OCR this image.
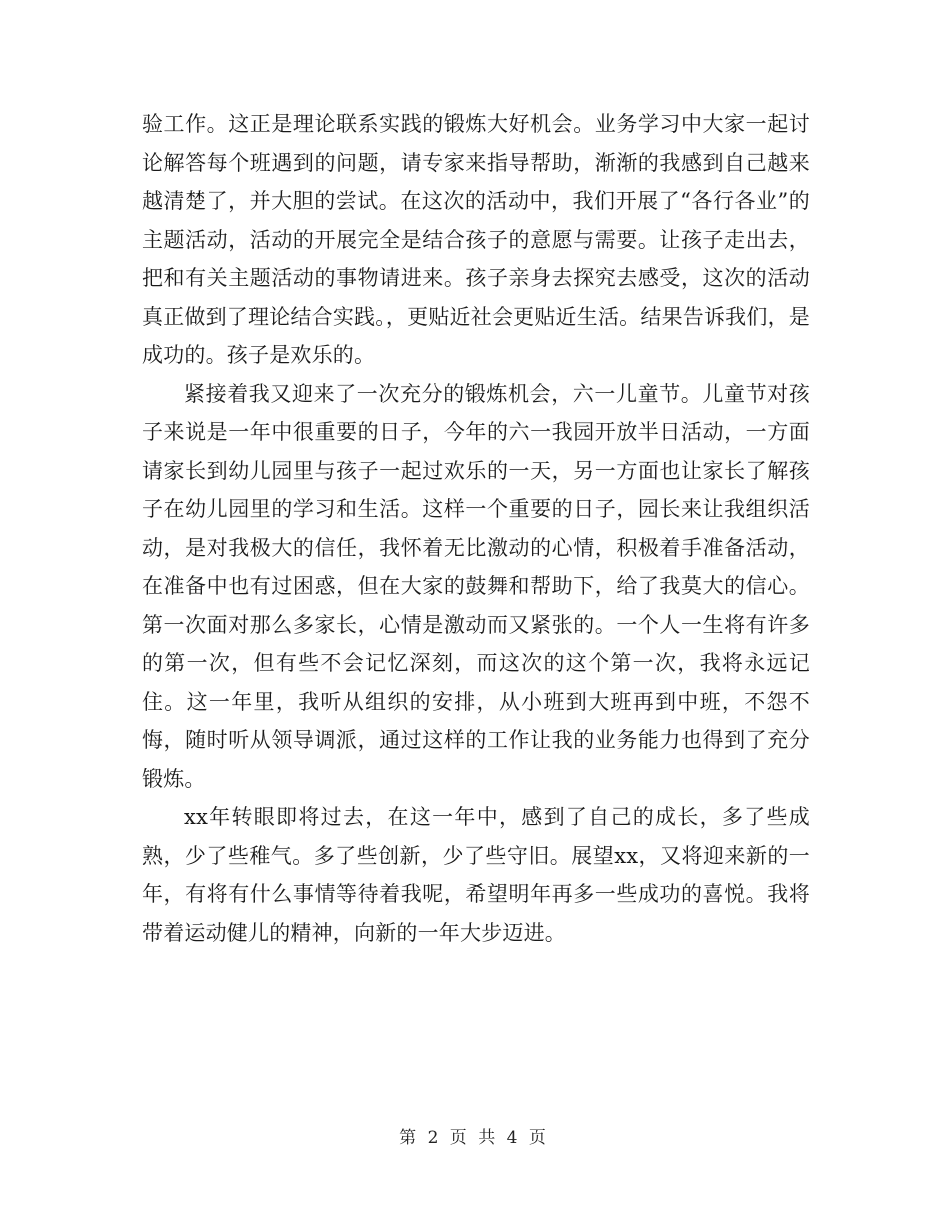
验工作。这正是理论联系实践的锻炼大好机会。业务学习中大家一起讨论解答每个班遇到的问题，请专家来指导帮助，渐渐的我感到自己越来越清楚了，并大胆的尝试。在这次的活动中，我们开展了“各行各业”的主题活动，活动的开展完全是结合孩子的意愿与需要。让孩子走出去，把和有关主题活动的事物请进来。孩子亲身去探究去感受，这次的活动真正做到了理论结合实践。，更贴近社会更贴近生活。结果告诉我们，是成功的。孩子是欢乐的。

紧接着我又迎来了一次充分的锻炼机会，六一儿童节。儿童节对孩子来说是一年中很重要的日子，今年的六一我园开放半日活动，一方面请家长到幼儿园里与孩子一起过欢乐的一天，另一方面也让家长了解孩子在幼儿园里的学习和生活。这样一个重要的日子，园长来让我组织活动，是对我极大的信任，我怀着无比激动的心情，积极着手准备活动，在准备中也有过困惑，但在大家的鼓舞和帮助下，给了我莫大的信心。第一次面对那么多家长，心情是激动而又紧张的。一个人一生将有许多的第一次，但有些不会记忆深刻，而这次的这个第一次，我将永远记住。这一年里，我听从组织的安排，从小班到大班再到中班，不怨不悔，随时听从领导调派，通过这样的工作让我的业务能力也得到了充分锻炼。

xx年转眼即将过去，在这一年中，感到了自己的成长，多了些成熟，少了些稚气。多了些创新，少了些守旧。展望xx，又将迎来新的一年，有将有什么事情等待着我呢，希望明年再多一些成功的喜悦。我将带着运动健儿的精神，向新的一年大步迈进。

第 2 页 共 4 页
